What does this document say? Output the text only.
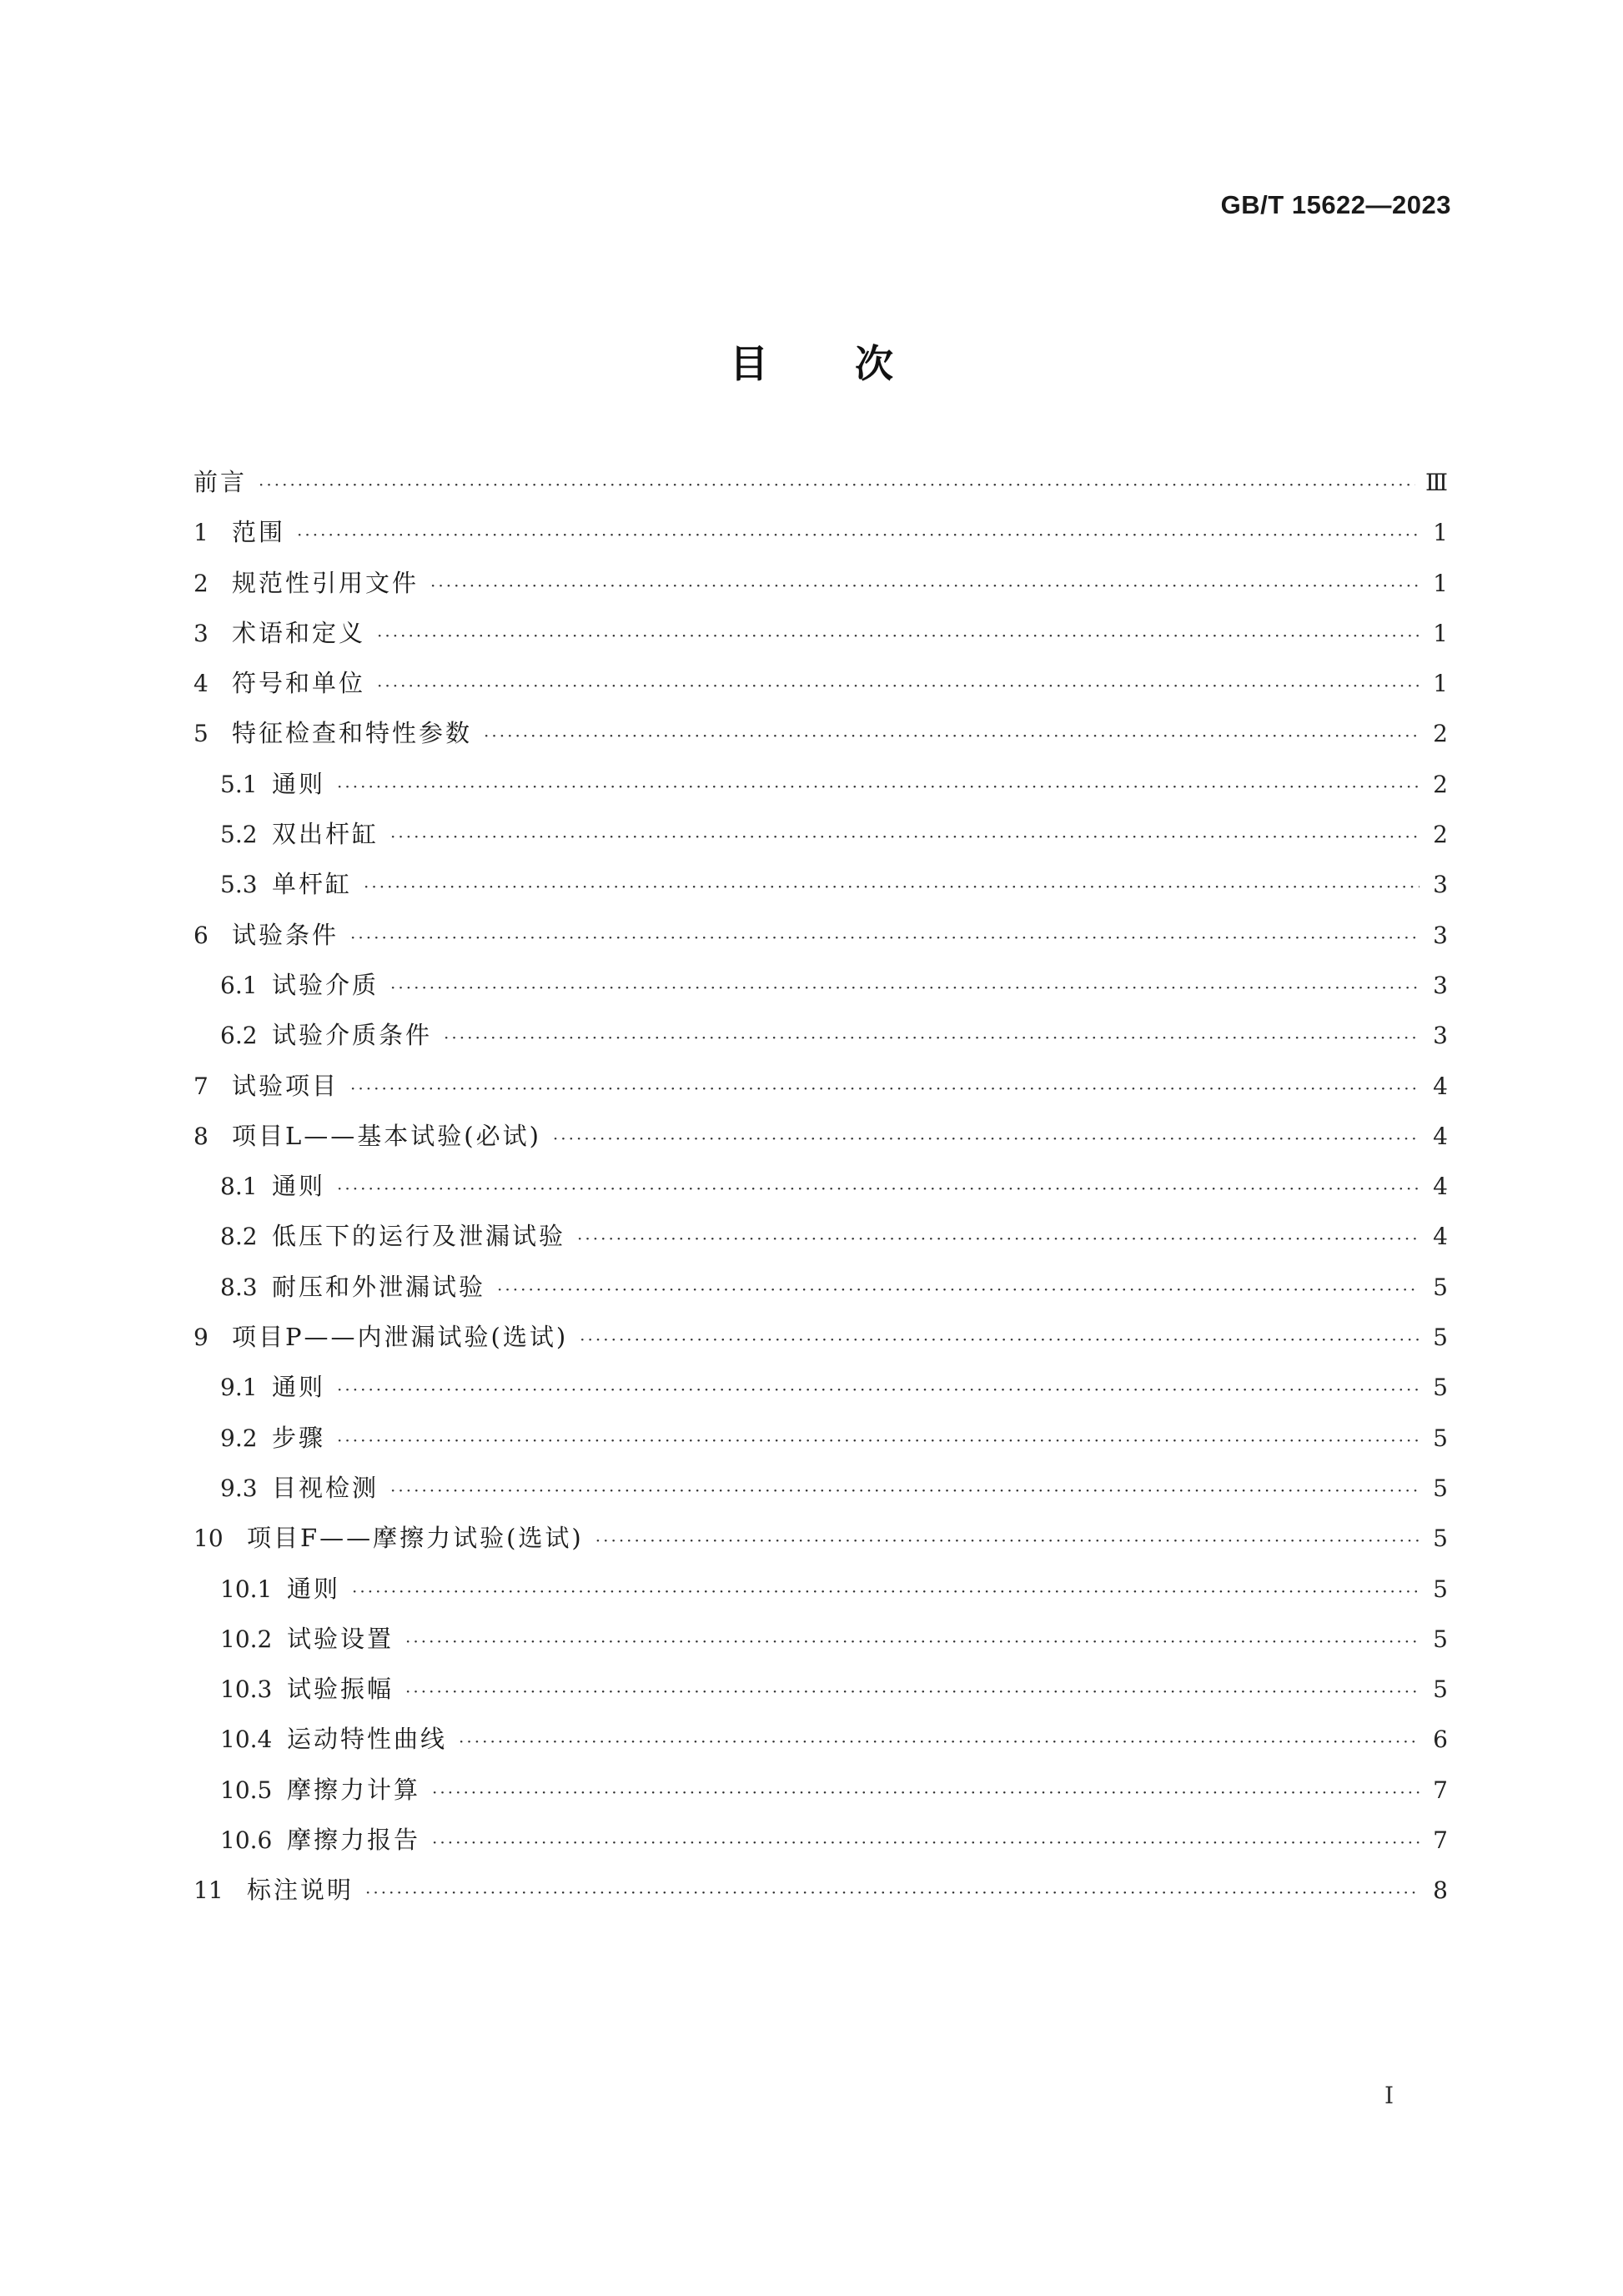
GB/T 15622—2023
目次
前言 ·····	Ⅲ
1 范围 ·····	1
2 规范性引用文件 ·····	1
3 术语和定义 ·····	1
4 符号和单位 ·····	1
5 特征检查和特性参数 ·····	2
5.1 通则 ·····	2
5.2 双出杆缸 ·····	2
5.3 单杆缸 ·····	3
6 试验条件 ·····	3
6.1 试验介质 ·····	3
6.2 试验介质条件 ·····	3
7 试验项目 ·····	4
8 项目L——基本试验(必试) ·····	4
8.1 通则 ·····	4
8.2 低压下的运行及泄漏试验 ·····	4
8.3 耐压和外泄漏试验 ·····	5
9 项目P——内泄漏试验(选试) ·····	5
9.1 通则 ·····	5
9.2 步骤 ·····	5
9.3 目视检测 ·····	5
10 项目F——摩擦力试验(选试) ·····	5
10.1 通则 ·····	5
10.2 试验设置 ·····	5
10.3 试验振幅 ·····	5
10.4 运动特性曲线 ·····	6
10.5 摩擦力计算 ·····	7
10.6 摩擦力报告 ·····	7
11 标注说明 ·····	8
I
